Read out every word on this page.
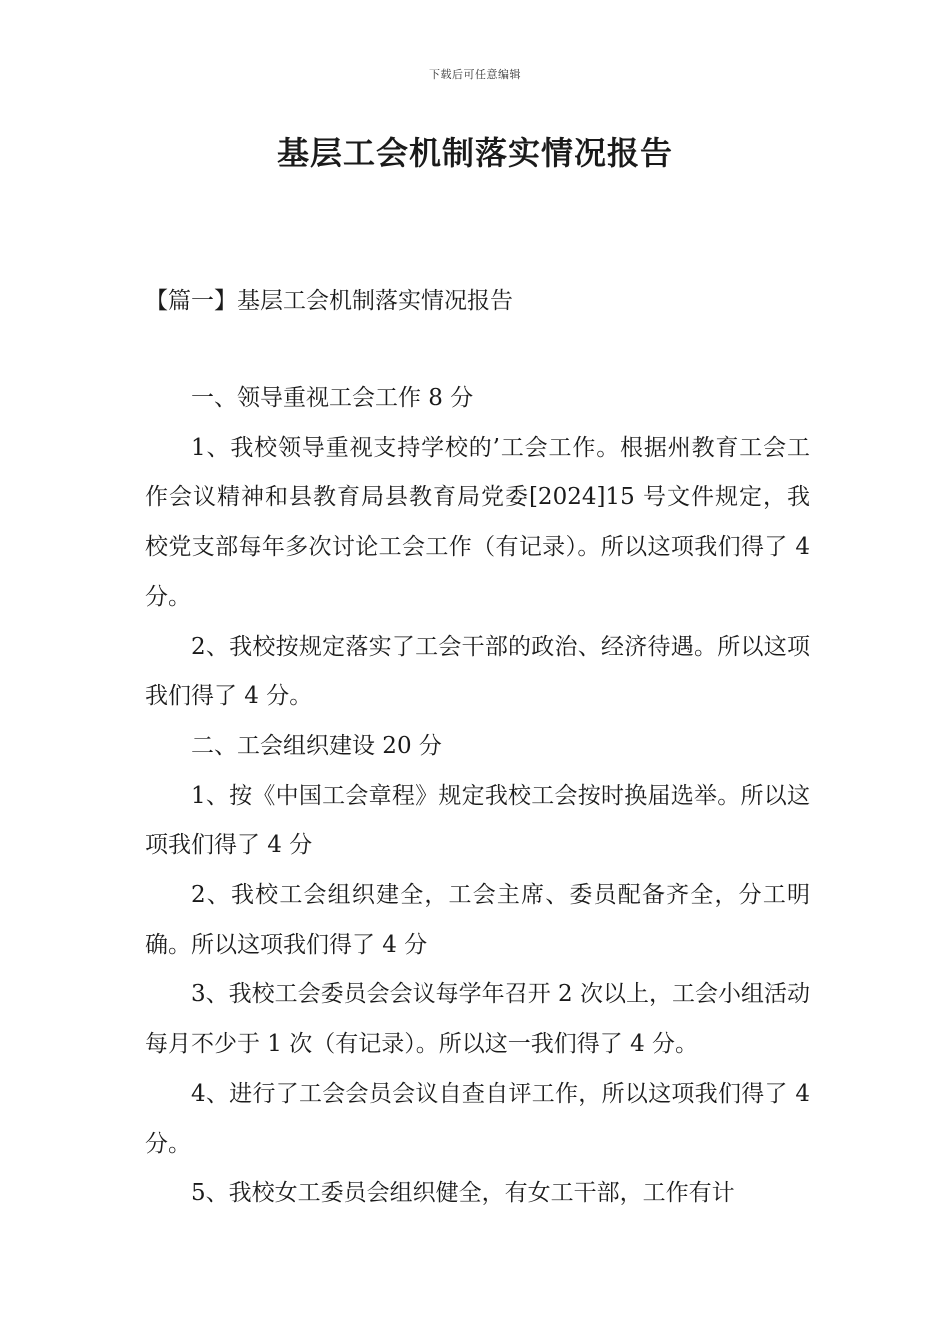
下载后可任意编辑
基层工会机制落实情况报告
【篇一】基层工会机制落实情况报告

一、领导重视工会工作 8 分

1、我校领导重视支持学校的’工会工作。根据州教育工会工作会议精神和县教育局县教育局党委[2024]15 号文件规定，我校党支部每年多次讨论工会工作（有记录）。所以这项我们得了 4 分。

2、我校按规定落实了工会干部的政治、经济待遇。所以这项我们得了 4 分。

二、工会组织建设 20 分

1、按《中国工会章程》规定我校工会按时换届选举。所以这项我们得了 4 分

2、我校工会组织建全，工会主席、委员配备齐全，分工明确。所以这项我们得了 4 分

3、我校工会委员会会议每学年召开 2 次以上，工会小组活动每月不少于 1 次（有记录）。所以这一我们得了 4 分。

4、进行了工会会员会议自查自评工作，所以这项我们得了 4 分。

5、我校女工委员会组织健全，有女工干部，工作有计
